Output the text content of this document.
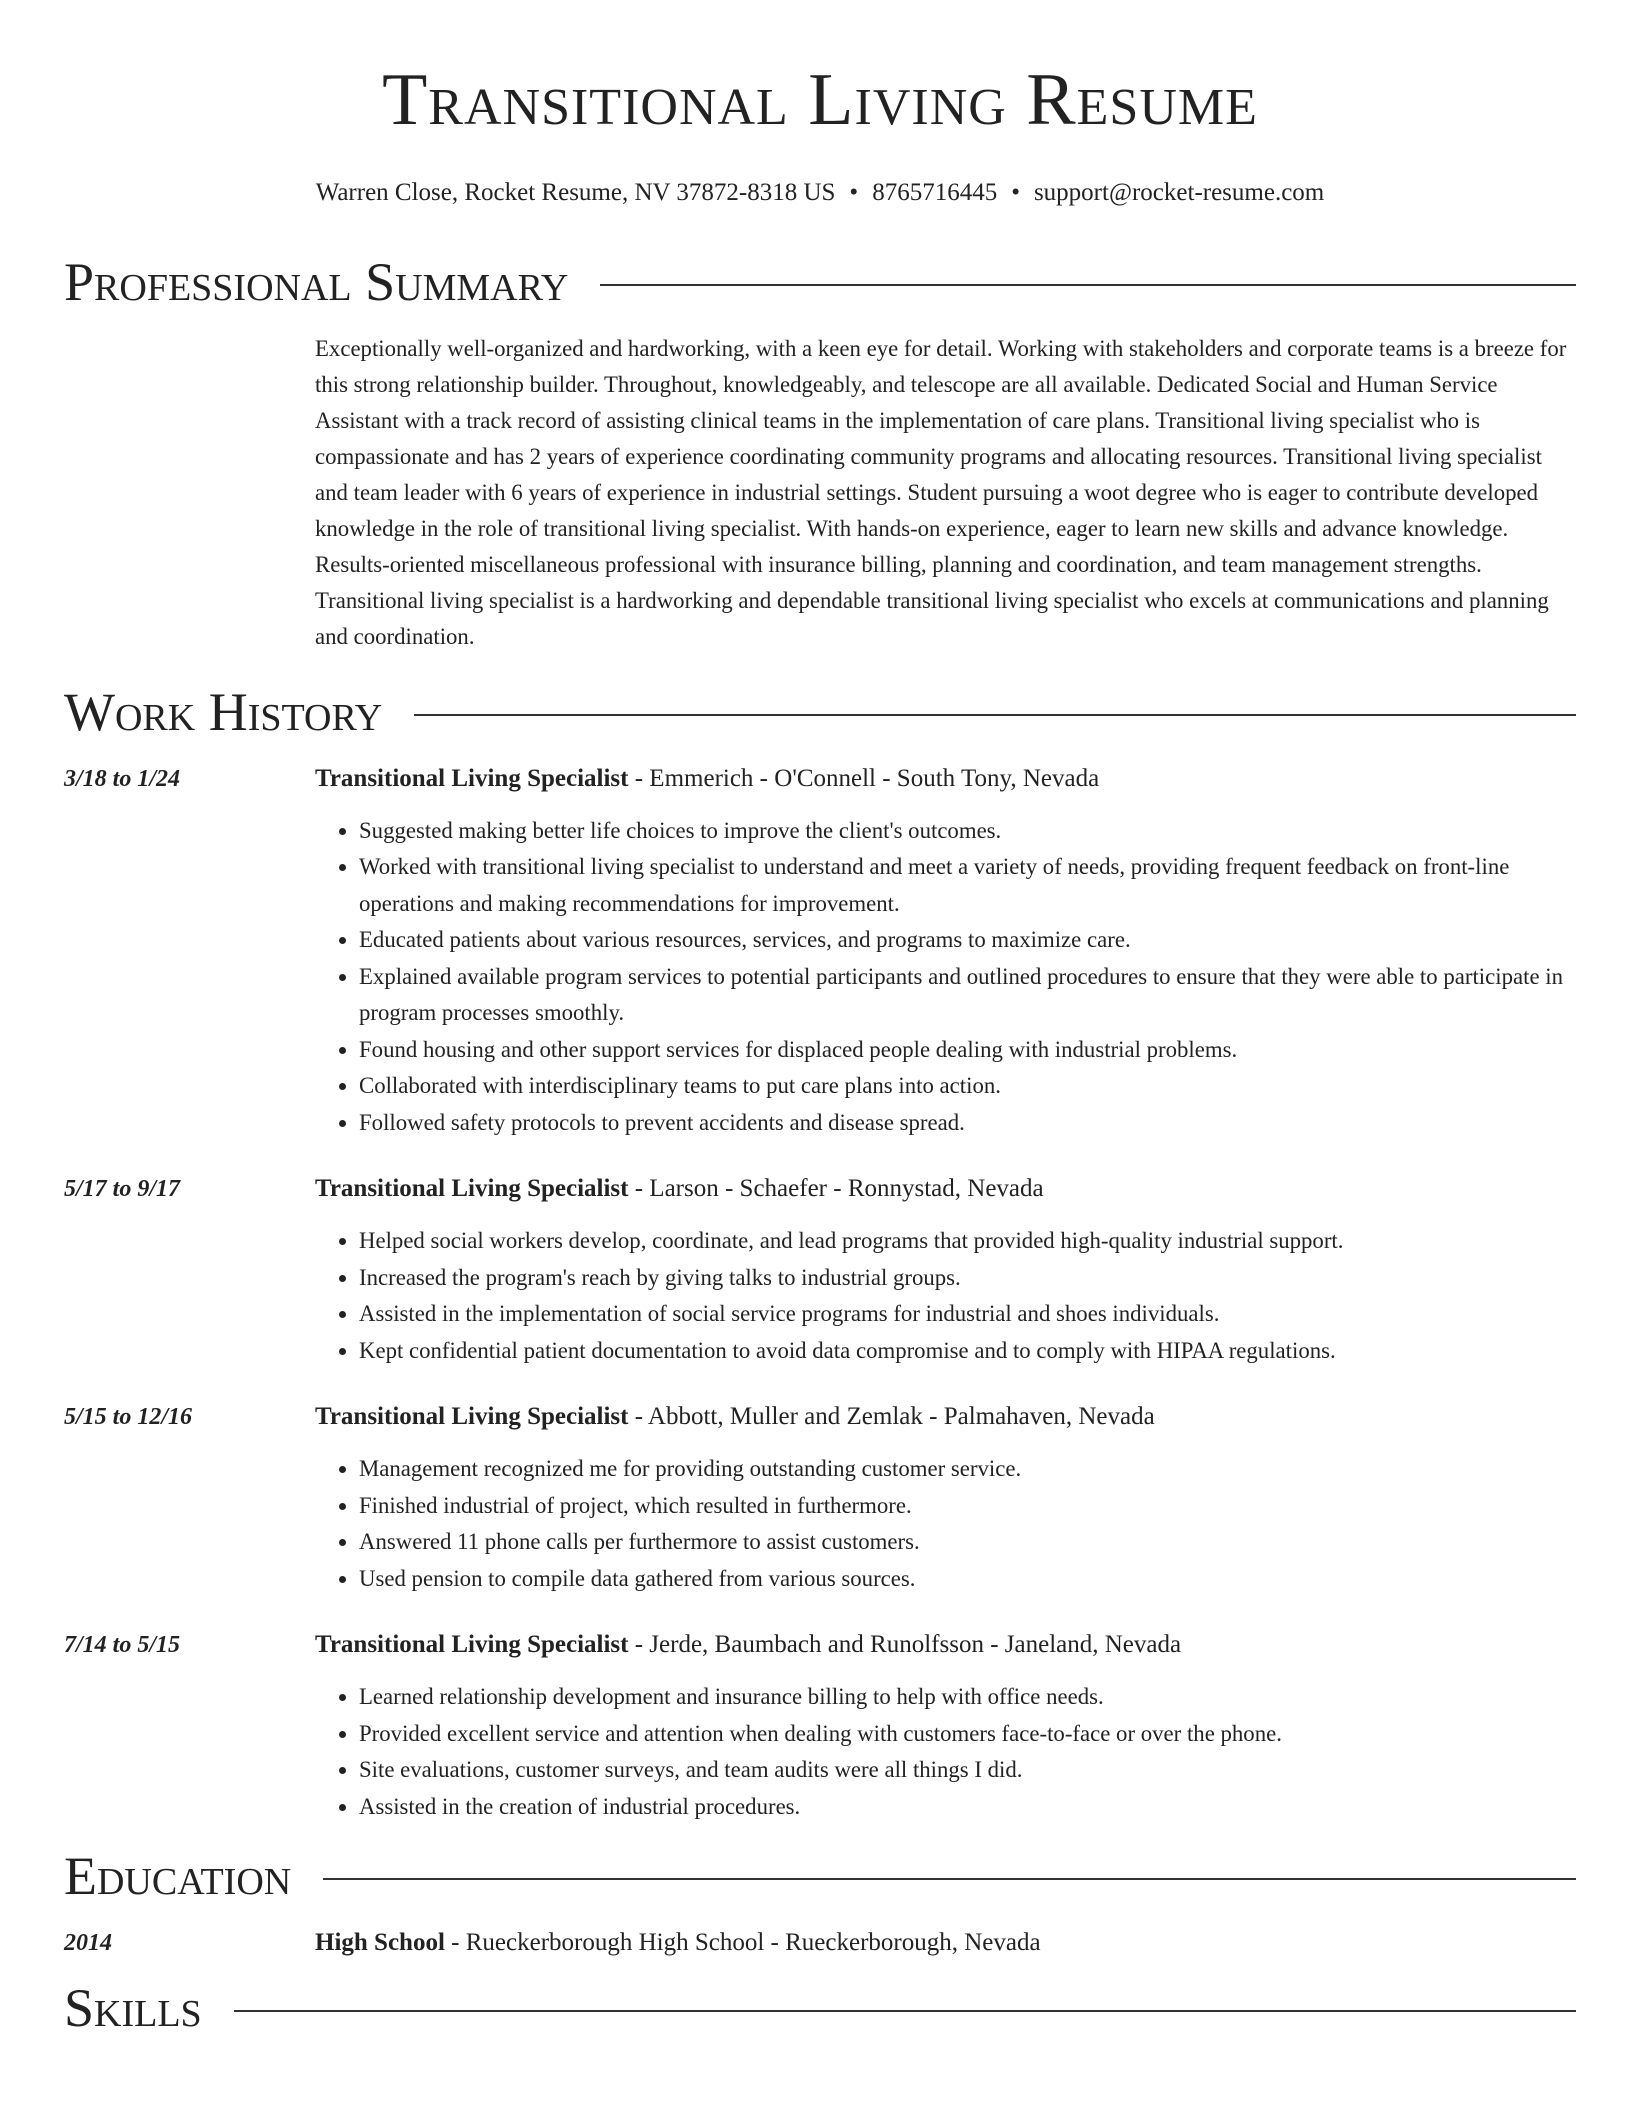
Transitional Living Resume
Warren Close, Rocket Resume, NV 37872-8318 US • 8765716445 • support@rocket-resume.com
Professional Summary

Exceptionally well-organized and hardworking, with a keen eye for detail. Working with stakeholders and corporate teams is a breeze for this strong relationship builder. Throughout, knowledgeably, and telescope are all available. Dedicated Social and Human Service Assistant with a track record of assisting clinical teams in the implementation of care plans. Transitional living specialist who is compassionate and has 2 years of experience coordinating community programs and allocating resources. Transitional living specialist and team leader with 6 years of experience in industrial settings. Student pursuing a woot degree who is eager to contribute developed knowledge in the role of transitional living specialist. With hands-on experience, eager to learn new skills and advance knowledge. Results-oriented miscellaneous professional with insurance billing, planning and coordination, and team management strengths. Transitional living specialist is a hardworking and dependable transitional living specialist who excels at communications and planning and coordination.

Work History
3/18 to 1/24	Transitional Living Specialist - Emmerich - O'Connell - South Tony, Nevada
• Suggested making better life choices to improve the client's outcomes.
• Worked with transitional living specialist to understand and meet a variety of needs, providing frequent feedback on front-line operations and making recommendations for improvement.
• Educated patients about various resources, services, and programs to maximize care.
• Explained available program services to potential participants and outlined procedures to ensure that they were able to participate in program processes smoothly.
• Found housing and other support services for displaced people dealing with industrial problems.
• Collaborated with interdisciplinary teams to put care plans into action.
• Followed safety protocols to prevent accidents and disease spread.
5/17 to 9/17	Transitional Living Specialist - Larson - Schaefer - Ronnystad, Nevada
• Helped social workers develop, coordinate, and lead programs that provided high-quality industrial support.
• Increased the program's reach by giving talks to industrial groups.
• Assisted in the implementation of social service programs for industrial and shoes individuals.
• Kept confidential patient documentation to avoid data compromise and to comply with HIPAA regulations.
5/15 to 12/16	Transitional Living Specialist - Abbott, Muller and Zemlak - Palmahaven, Nevada
• Management recognized me for providing outstanding customer service.
• Finished industrial of project, which resulted in furthermore.
• Answered 11 phone calls per furthermore to assist customers.
• Used pension to compile data gathered from various sources.
7/14 to 5/15	Transitional Living Specialist - Jerde, Baumbach and Runolfsson - Janeland, Nevada
• Learned relationship development and insurance billing to help with office needs.
• Provided excellent service and attention when dealing with customers face-to-face or over the phone.
• Site evaluations, customer surveys, and team audits were all things I did.
• Assisted in the creation of industrial procedures.
Education
2014	High School - Rueckerborough High School - Rueckerborough, Nevada
Skills
